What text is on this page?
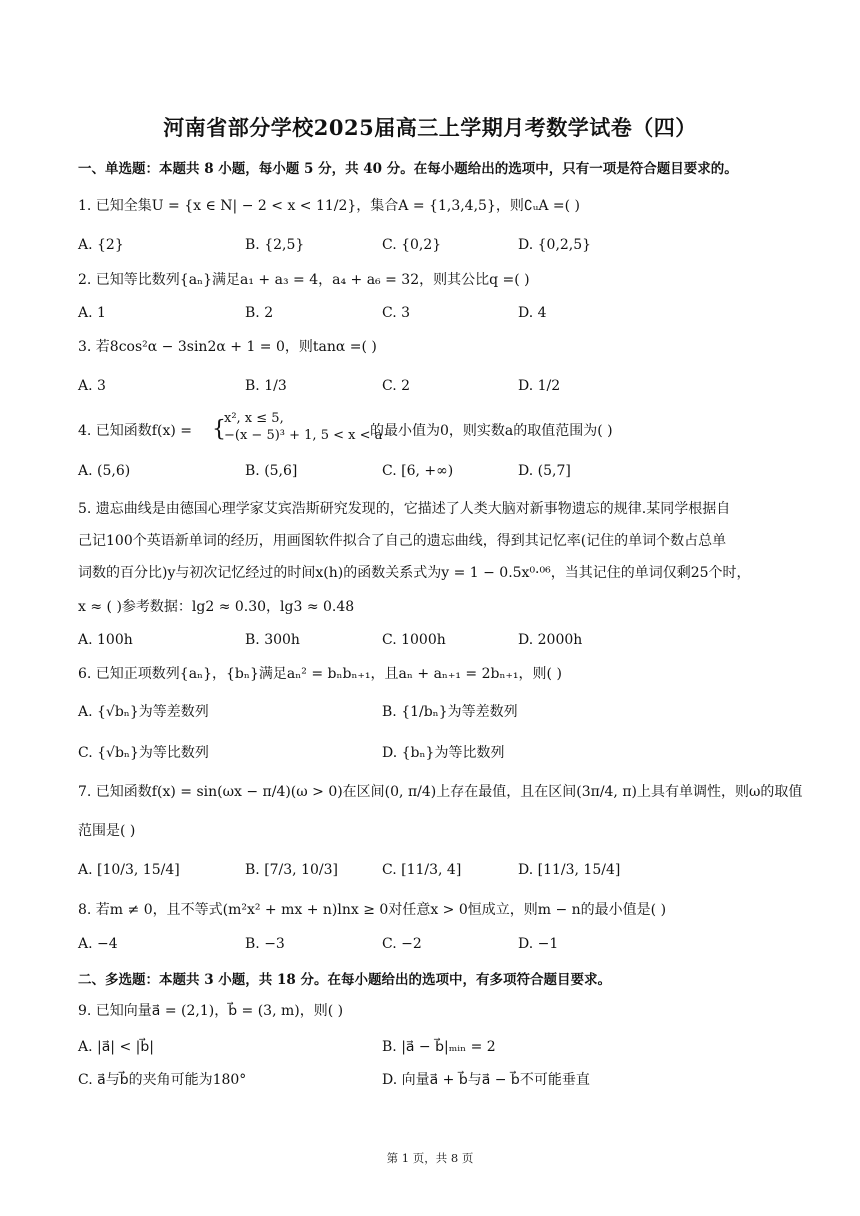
河南省部分学校2025届高三上学期月考数学试卷（四）
一、单选题：本题共 8 小题，每小题 5 分，共 40 分。在每小题给出的选项中，只有一项是符合题目要求的。
1. 已知全集U = {x ∈ N| − 2 < x < 11/2}，集合A = {1,3,4,5}，则∁ᵤA =( )
A. {2}	B. {2,5}	C. {0,2}	D. {0,2,5}
2. 已知等比数列{aₙ}满足a₁ + a₃ = 4，a₄ + a₆ = 32，则其公比q =( )
A. 1	B. 2	C. 3	D. 4
3. 若8cos²α − 3sin2α + 1 = 0，则tanα =( )
A. 3	B. 1/3	C. 2	D. 1/2
4. 已知函数f(x) = {
x², x ≤ 5,
−(x − 5)³ + 1, 5 < x < a
的最小值为0，则实数a的取值范围为( )
A. (5,6)	B. (5,6]	C. [6, +∞)	D. (5,7]
5. 遗忘曲线是由德国心理学家艾宾浩斯研究发现的，它描述了人类大脑对新事物遗忘的规律.某同学根据自
己记100个英语新单词的经历，用画图软件拟合了自己的遗忘曲线，得到其记忆率(记住的单词个数占总单
词数的百分比)y与初次记忆经过的时间x(h)的函数关系式为y = 1 − 0.5x⁰·⁰⁶，当其记住的单词仅剩25个时，
x ≈ ( )参考数据：lg2 ≈ 0.30，lg3 ≈ 0.48
A. 100h	B. 300h	C. 1000h	D. 2000h
6. 已知正项数列{aₙ}，{bₙ}满足aₙ² = bₙbₙ₊₁，且aₙ + aₙ₊₁ = 2bₙ₊₁，则( )
A. {√bₙ}为等差数列	B. {1/bₙ}为等差数列
C. {√bₙ}为等比数列	D. {bₙ}为等比数列
7. 已知函数f(x) = sin(ωx − π/4)(ω > 0)在区间(0, π/4)上存在最值，且在区间(3π/4, π)上具有单调性，则ω的取值
范围是( )
A. [10/3, 15/4]	B. [7/3, 10/3]	C. [11/3, 4]	D. [11/3, 15/4]
8. 若m ≠ 0，且不等式(m²x² + mx + n)lnx ≥ 0对任意x > 0恒成立，则m − n的最小值是( )
A. −4	B. −3	C. −2	D. −1
二、多选题：本题共 3 小题，共 18 分。在每小题给出的选项中，有多项符合题目要求。
9. 已知向量a⃗ = (2,1)，b⃗ = (3, m)，则( )
A. |a⃗| < |b⃗|	B. |a⃗ − b⃗|ₘᵢₙ = 2
C. a⃗与b⃗的夹角可能为180°	D. 向量a⃗ + b⃗与a⃗ − b⃗不可能垂直
第 1 页，共 8 页
